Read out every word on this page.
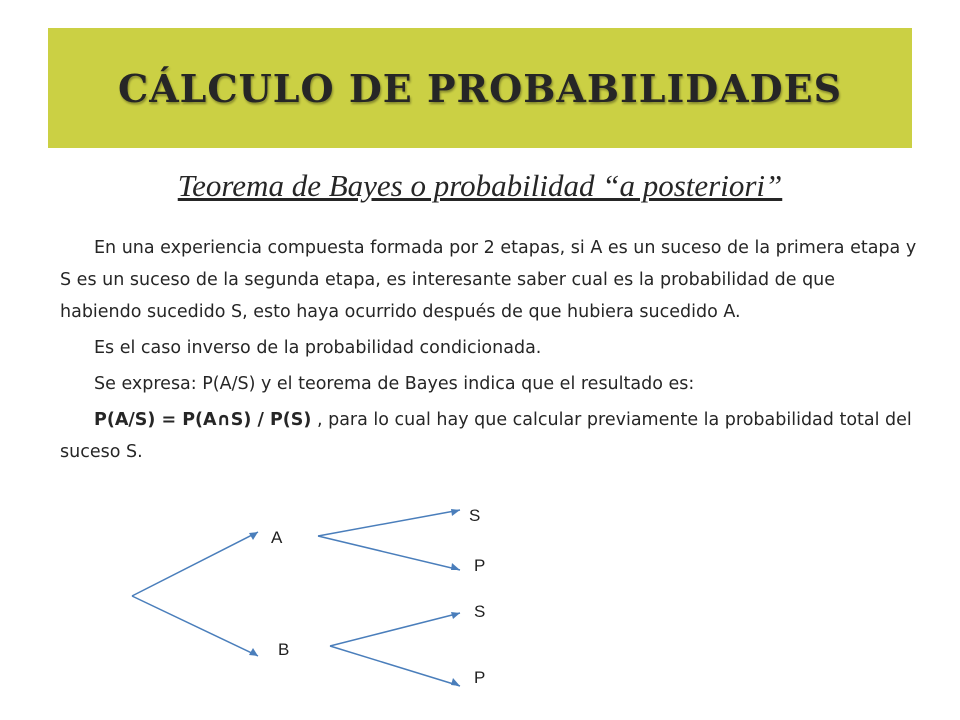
CÁLCULO DE PROBABILIDADES
Teorema de Bayes o probabilidad “a posteriori”

En una experiencia compuesta formada por 2 etapas, si A es un suceso de la primera etapa y S es un suceso de la segunda etapa, es interesante saber cual es la probabilidad de que habiendo sucedido S, esto haya ocurrido después de que hubiera sucedido A.

Es el caso inverso de la probabilidad condicionada.

Se expresa: P(A/S) y el teorema de Bayes indica que el resultado es:

P(A/S) = P(A∩S) / P(S) , para lo cual hay que calcular previamente la probabilidad total del suceso S.

A
B
S
P
S
P
